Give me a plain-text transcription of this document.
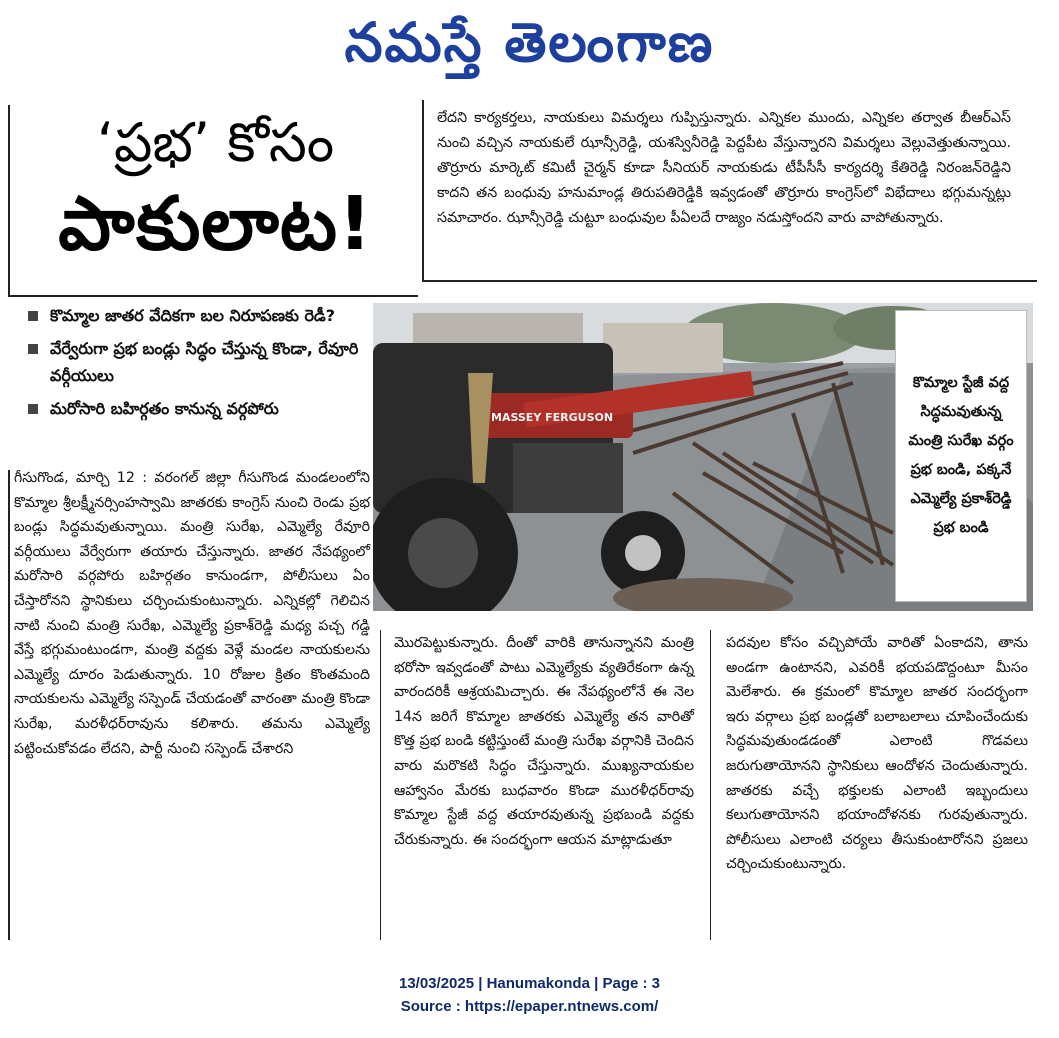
నమస్తే తెలంగాణ
‘ప్రభ’ కోసం
పాకులాట!

లేదని కార్యకర్తలు, నాయకులు విమర్శలు గుప్పిస్తున్నారు. ఎన్నికల ముందు, ఎన్నికల తర్వాత బీఆర్‌ఎస్ నుంచి వచ్చిన నాయకులే ఝాన్సీరెడ్డి, యశస్వినీరెడ్డి పెద్దపీట వేస్తున్నారని విమర్శలు వెల్లువెత్తుతున్నాయి. తొర్రూరు మార్కెట్ కమిటీ చైర్మన్ కూడా సీనియర్ నాయకుడు టీపీసీసీ కార్యదర్శి కేతిరెడ్డి నిరంజన్‌రెడ్డిని కాదని తన బంధువు హనుమాండ్ల తిరుపతిరెడ్డికి ఇవ్వడంతో తొర్రూరు కాంగ్రెస్‌లో విభేదాలు భగ్గుమన్నట్లు సమాచారం. ఝాన్సీరెడ్డి చుట్టూ బంధువుల పీఏలదే రాజ్యం నడుస్తోందని వారు వాపోతున్నారు.

కొమ్మాల జాతర వేదికగా బల నిరూపణకు రెడీ?
వేర్వేరుగా ప్రభ బండ్లు సిద్ధం చేస్తున్న కొండా, రేవూరి వర్గీయులు
మరోసారి బహిర్గతం కానున్న వర్గపోరు	MASSEY FERGUSON
కొమ్మాల స్టేజీ వద్ద సిద్ధమవుతున్న మంత్రి సురేఖ వర్గం ప్రభ బండి, పక్కనే ఎమ్మెల్యే ప్రకాశ్‌రెడ్డి ప్రభ బండి

గీసుగొండ, మార్చి 12 : వరంగల్ జిల్లా గీసుగొండ మండలంలోని కొమ్మాల శ్రీలక్ష్మీనర్సింహస్వామి జాతరకు కాంగ్రెస్ నుంచి రెండు ప్రభ బండ్లు సిద్ధమవుతున్నాయి. మంత్రి సురేఖ, ఎమ్మెల్యే రేవూరి వర్గీయులు వేర్వేరుగా తయారు చేస్తున్నారు. జాతర నేపథ్యంలో మరోసారి వర్గపోరు బహిర్గతం కానుండగా, పోలీసులు ఏం చేస్తారోనని స్థానికులు చర్చించుకుంటున్నారు. ఎన్నికల్లో గెలిచిన నాటి నుంచి మంత్రి సురేఖ, ఎమ్మెల్యే ప్రకాశ్‌రెడ్డి మధ్య పచ్చ గడ్డి వేస్తే భగ్గుమంటుండగా, మంత్రి వద్దకు వెళ్లే మండల నాయకులను ఎమ్మెల్యే దూరం పెడుతున్నారు. 10 రోజుల క్రితం కొంతమంది నాయకులను ఎమ్మెల్యే సస్పెండ్ చేయడంతో వారంతా మంత్రి కొండా సురేఖ, మరళీధర్‌రావును కలిశారు. తమను ఎమ్మెల్యే పట్టించుకోవడం లేదని, పార్టీ నుంచి సస్పెండ్ చేశారని

మొరపెట్టుకున్నారు. దీంతో వారికి తానున్నానని మంత్రి భరోసా ఇవ్వడంతో పాటు ఎమ్మెల్యేకు వ్యతిరేకంగా ఉన్న వారందరికీ ఆశ్రయమిచ్చారు. ఈ నేపథ్యంలోనే ఈ నెల 14న జరిగే కొమ్మాల జాతరకు ఎమ్మెల్యే తన వారితో కొత్త ప్రభ బండి కట్టిస్తుంటే మంత్రి సురేఖ వర్గానికి చెందిన వారు మరొకటి సిద్ధం చేస్తున్నారు. ముఖ్యనాయకుల ఆహ్వానం మేరకు బుధవారం కొండా మురళీధర్‌రావు కొమ్మాల స్టేజీ వద్ద తయారవుతున్న ప్రభబండి వద్దకు చేరుకున్నారు. ఈ సందర్భంగా ఆయన మాట్లాడుతూ

పదవుల కోసం వచ్చిపోయే వారితో ఏంకాదని, తాను అండగా ఉంటానని, ఎవరికీ భయపడొద్దంటూ మీసం మెలేశారు. ఈ క్రమంలో కొమ్మాల జాతర సందర్భంగా ఇరు వర్గాలు ప్రభ బండ్లతో బలాబలాలు చూపించేందుకు సిద్ధమవుతుండడంతో ఎలాంటి గొడవలు జరుగుతాయోనని స్థానికులు ఆందోళన చెందుతున్నారు. జాతరకు వచ్చే భక్తులకు ఎలాంటి ఇబ్బందులు కలుగుతాయోనని భయాందోళనకు గురవుతున్నారు. పోలీసులు ఎలాంటి చర్యలు తీసుకుంటారోనని ప్రజలు చర్చించుకుంటున్నారు.

13/03/2025 | Hanumakonda | Page : 3
Source : https://epaper.ntnews.com/
